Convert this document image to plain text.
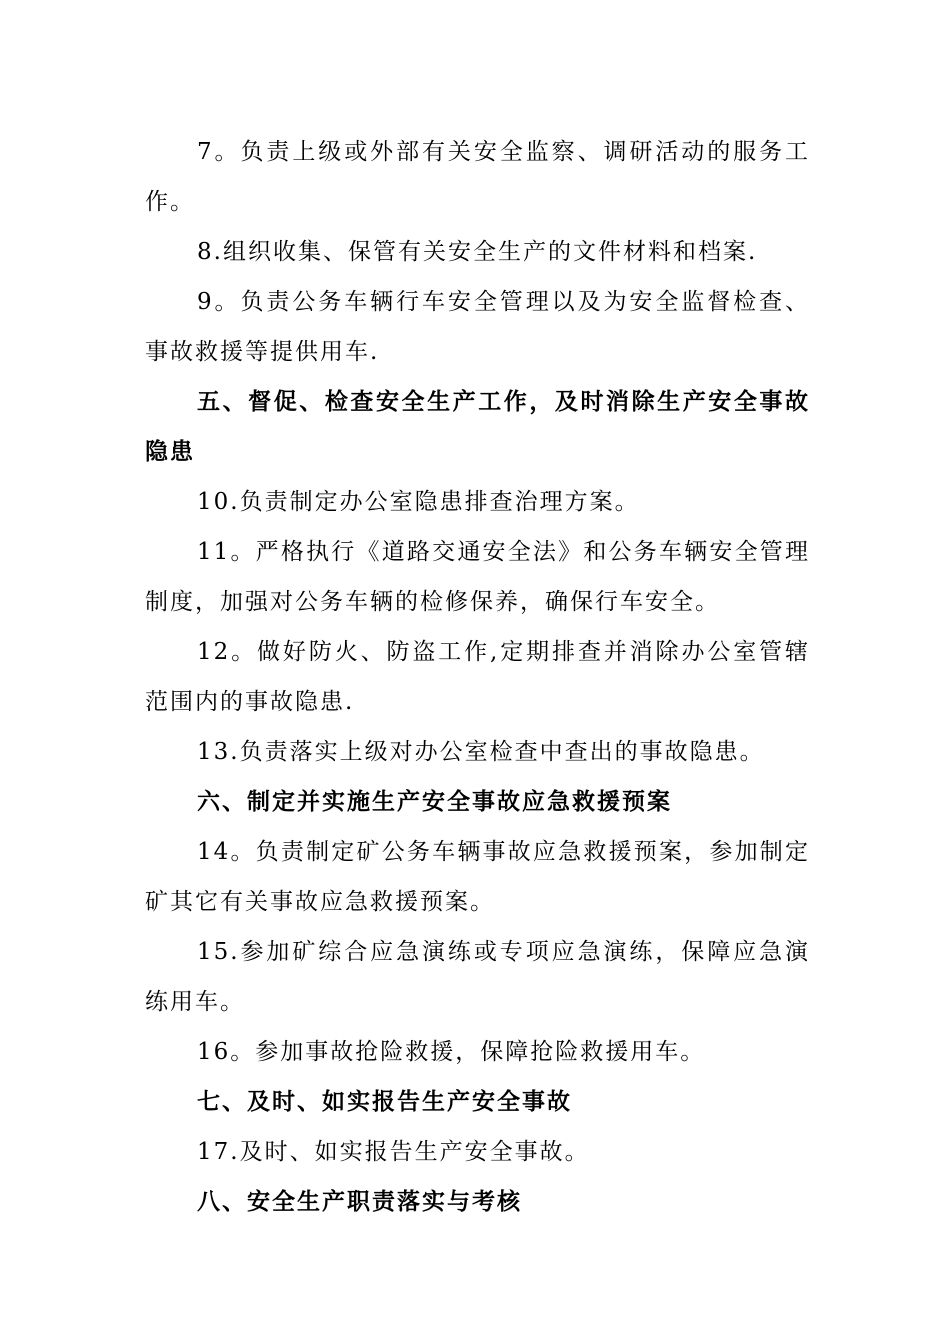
7。负责上级或外部有关安全监察、调研活动的服务工作。

8.组织收集、保管有关安全生产的文件材料和档案.

9。负责公务车辆行车安全管理以及为安全监督检查、事故救援等提供用车.

五、督促、检查安全生产工作，及时消除生产安全事故隐患

10.负责制定办公室隐患排查治理方案。

11。严格执行《道路交通安全法》和公务车辆安全管理制度，加强对公务车辆的检修保养，确保行车安全。

12。做好防火、防盗工作,定期排查并消除办公室管辖范围内的事故隐患.

13.负责落实上级对办公室检查中查出的事故隐患。

六、制定并实施生产安全事故应急救援预案

14。负责制定矿公务车辆事故应急救援预案，参加制定矿其它有关事故应急救援预案。

15.参加矿综合应急演练或专项应急演练，保障应急演练用车。

16。参加事故抢险救援，保障抢险救援用车。

七、及时、如实报告生产安全事故

17.及时、如实报告生产安全事故。

八、安全生产职责落实与考核
